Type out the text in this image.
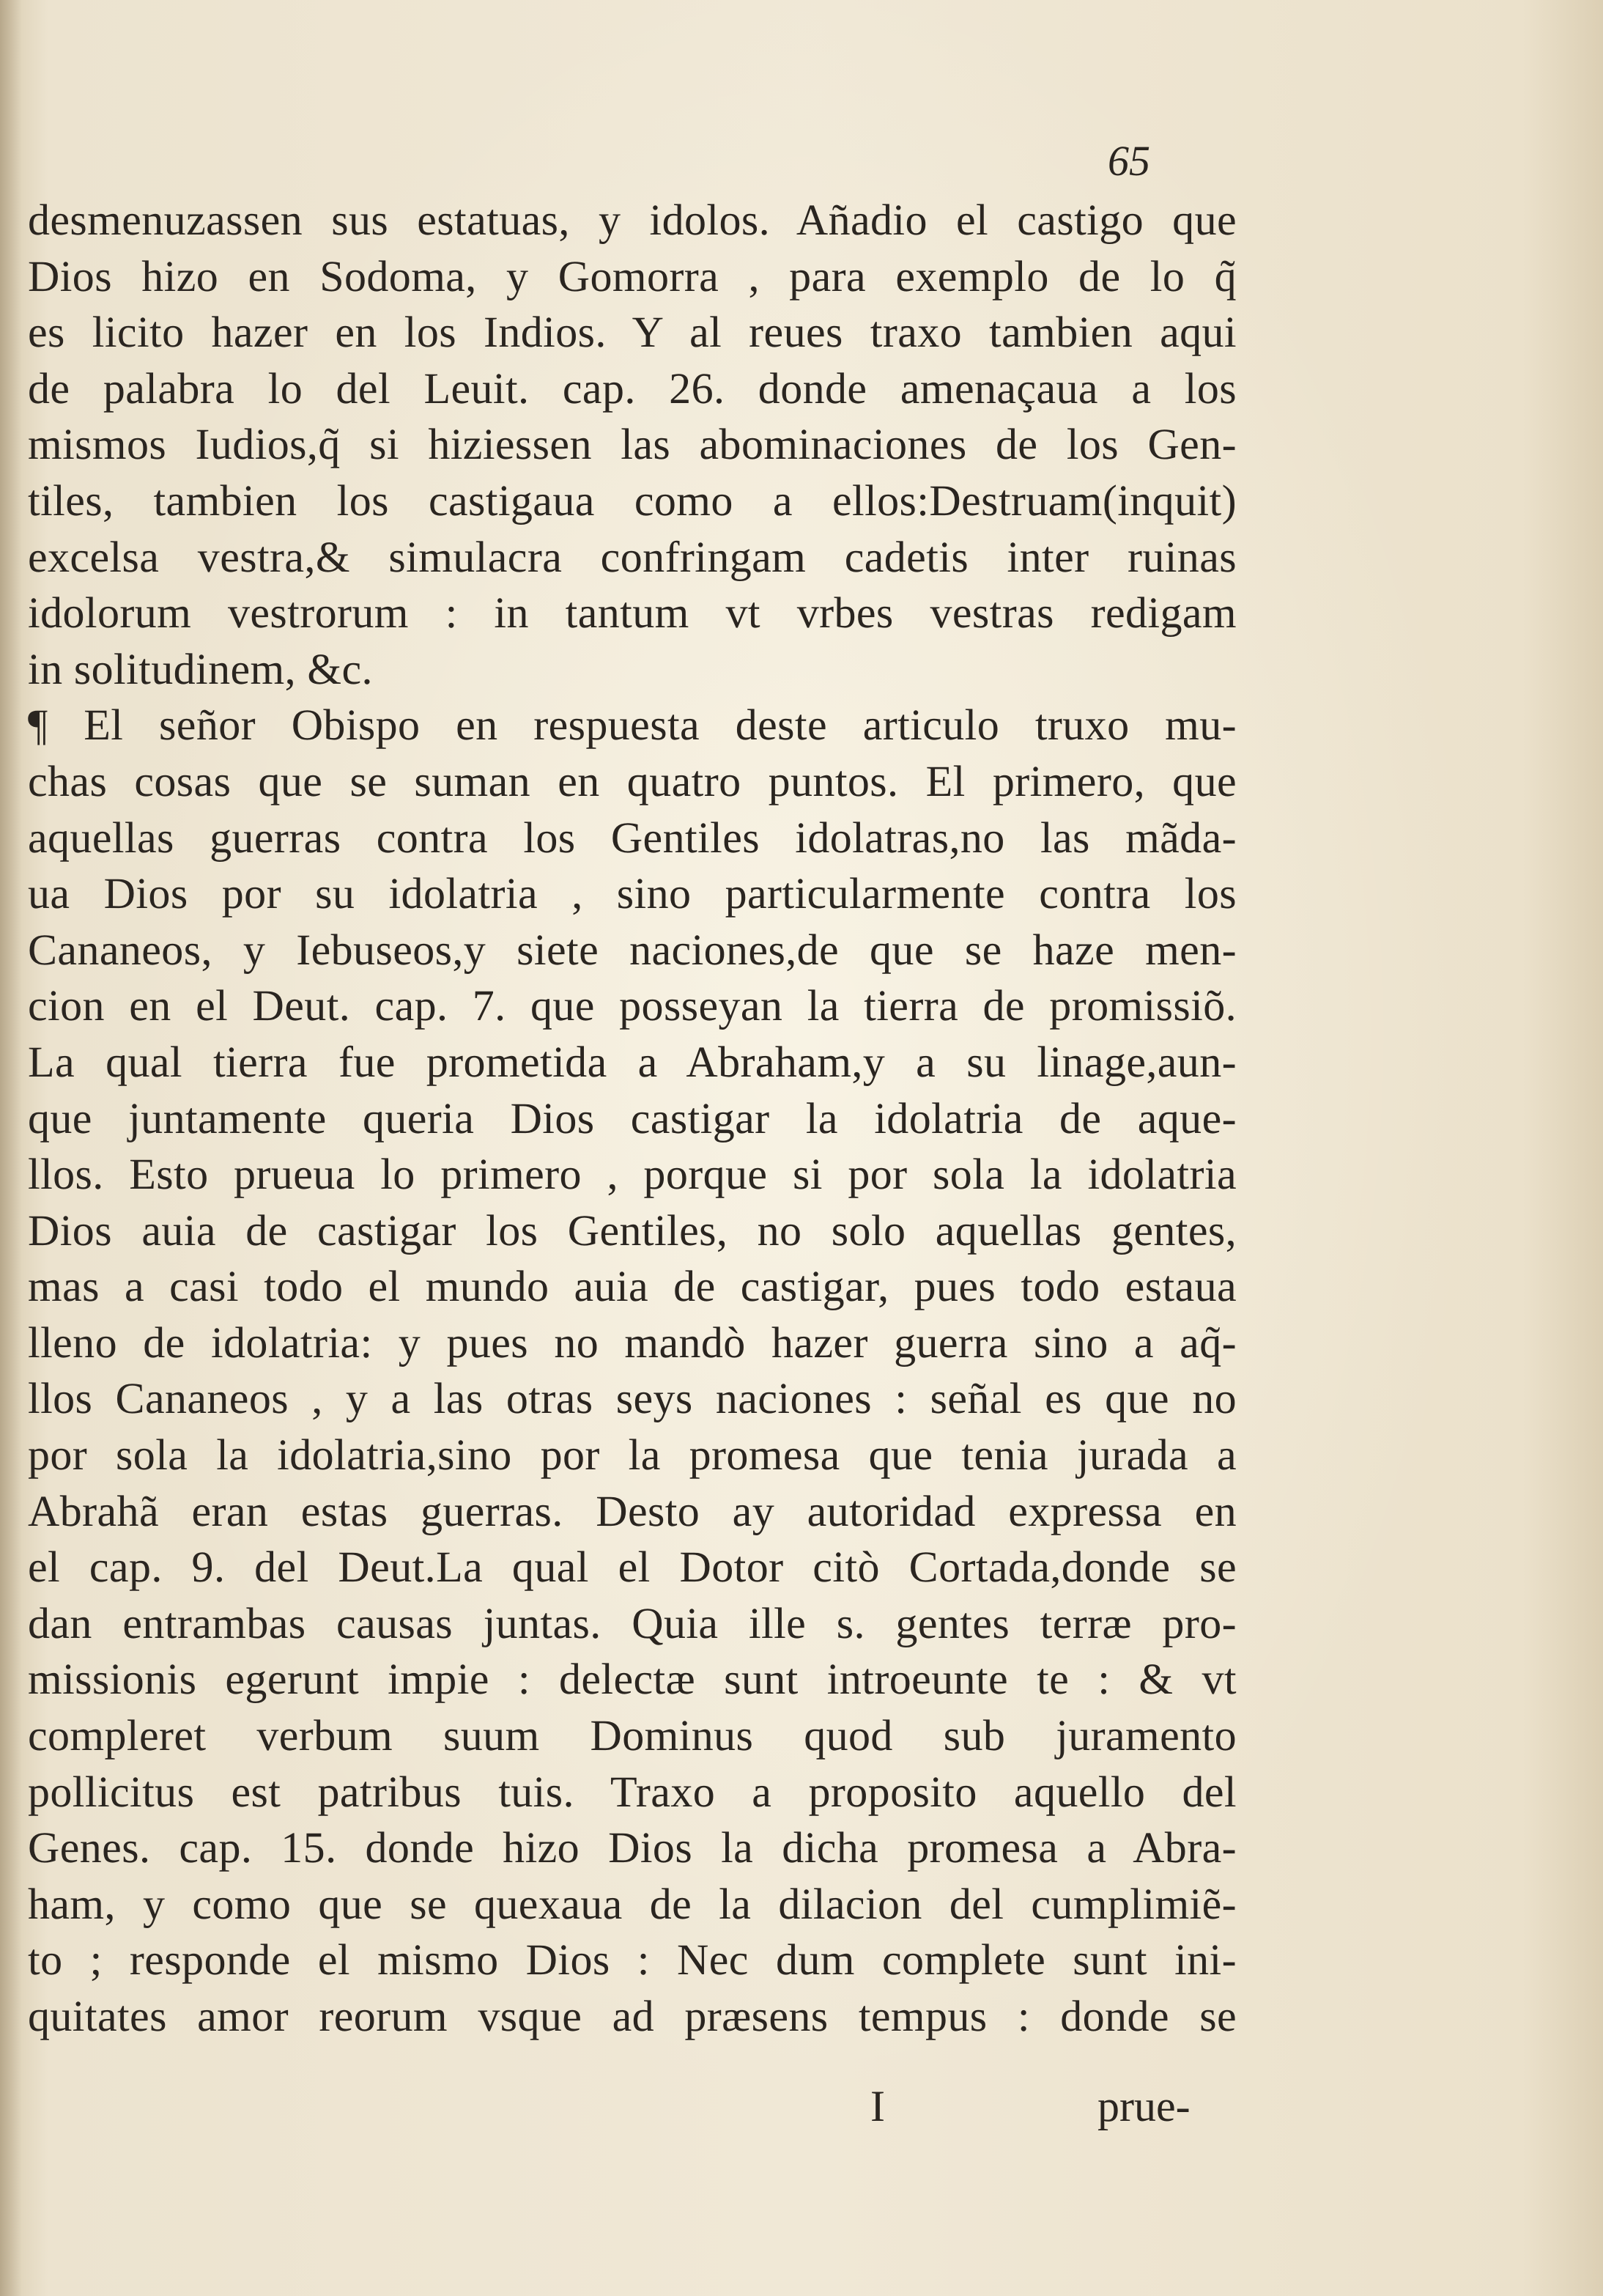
65
desmenuzassen sus estatuas, y idolos. Añadio el castigo que
Dios hizo en Sodoma, y Gomorra , para exemplo de lo q̃
es licito hazer en los Indios. Y al reues traxo tambien aqui
de palabra lo del Leuit. cap. 26. donde amenaçaua a los
mismos Iudios,q̃ si hiziessen las abominaciones de los Gen-
tiles, tambien los castigaua como a ellos:Destruam(inquit)
excelsa vestra,& simulacra confringam cadetis inter ruinas
idolorum vestrorum : in tantum vt vrbes vestras redigam
in solitudinem, &c.
¶ El señor Obispo en respuesta deste articulo truxo mu-
chas cosas que se suman en quatro puntos. El primero, que
aquellas guerras contra los Gentiles idolatras,no las mãda-
ua Dios por su idolatria , sino particularmente contra los
Cananeos, y Iebuseos,y siete naciones,de que se haze men-
cion en el Deut. cap. 7. que posseyan la tierra de promissiõ.
La qual tierra fue prometida a Abraham,y a su linage,aun-
que juntamente queria Dios castigar la idolatria de aque-
llos. Esto prueua lo primero , porque si por sola la idolatria
Dios auia de castigar los Gentiles, no solo aquellas gentes,
mas a casi todo el mundo auia de castigar, pues todo estaua
lleno de idolatria: y pues no mandò hazer guerra sino a aq̃-
llos Cananeos , y a las otras seys naciones : señal es que no
por sola la idolatria,sino por la promesa que tenia jurada a
Abrahã eran estas guerras. Desto ay autoridad expressa en
el cap. 9. del Deut.La qual el Dotor citò Cortada,donde se
dan entrambas causas juntas. Quia ille s. gentes terræ pro-
missionis egerunt impie : delectæ sunt introeunte te : & vt
compleret verbum suum Dominus quod sub juramento
pollicitus est patribus tuis. Traxo a proposito aquello del
Genes. cap. 15. donde hizo Dios la dicha promesa a Abra-
ham, y como que se quexaua de la dilacion del cumplimiẽ-
to ; responde el mismo Dios : Nec dum complete sunt ini-
quitates amor reorum vsque ad præsens tempus : donde se
I	prue-
